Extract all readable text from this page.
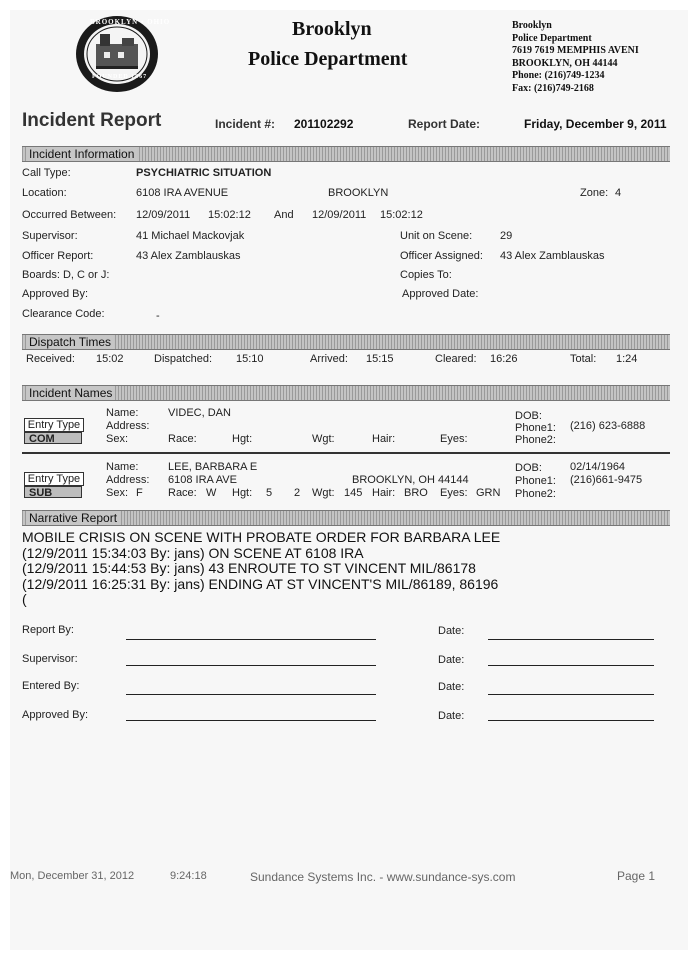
BROOKLYN • OHIO
FOUNDED 1867
Brooklyn
Police Department
Brooklyn
Police Department
7619 7619 MEMPHIS AVENI
BROOKLYN, OH 44144
Phone: (216)749-1234
Fax: (216)749-2168
Incident Report	Incident #: 201102292	Report Date:	Friday, December 9, 2011
Incident Information
Call Type:	PSYCHIATRIC SITUATION
Location:	6108 IRA AVENUE	BROOKLYN	Zone: 4
Occurred Between: 12/09/2011 15:02:12 And 12/09/2011 15:02:12
Supervisor:	41 Michael Mackovjak	Unit on Scene:	29
Officer Report:	43 Alex Zamblauskas	Officer Assigned: 43 Alex Zamblauskas
Boards: D, C or J:	Copies To:
Approved By:	Approved Date:
Clearance Code:	-
Dispatch Times
Received: 15:02	Dispatched: 15:10	Arrived: 15:15	Cleared: 16:26	Total: 1:24
Incident Names
Name:	VIDEC, DAN
Entry Type	Address:
COM	Sex:	Race:	Hgt:	Wgt:	Hair:	Eyes:
DOB:
Phone1: (216) 623-6888
Phone2:
Name:	LEE, BARBARA E
Entry Type	Address: 6108 IRA AVE	BROOKLYN, OH 44144
SUB	Sex: F Race: W Hgt: 5 2 Wgt: 145 Hair: BRO Eyes: GRN
DOB:	02/14/1964
Phone1: (216)661-9475
Phone2:
Narrative Report
MOBILE CRISIS ON SCENE WITH PROBATE ORDER FOR BARBARA LEE
(12/9/2011 15:34:03 By: jans) ON SCENE AT 6108 IRA
(12/9/2011 15:44:53 By: jans) 43 ENROUTE TO ST VINCENT MIL/86178
(12/9/2011 16:25:31 By: jans) ENDING AT ST VINCENT'S MIL/86189, 86196
(
Report By:	Date:
Supervisor:	Date:
Entered By:	Date:
Approved By:	Date:
Mon, December 31, 2012	9:24:18	Sundance Systems Inc. - www.sundance-sys.com	Page 1
